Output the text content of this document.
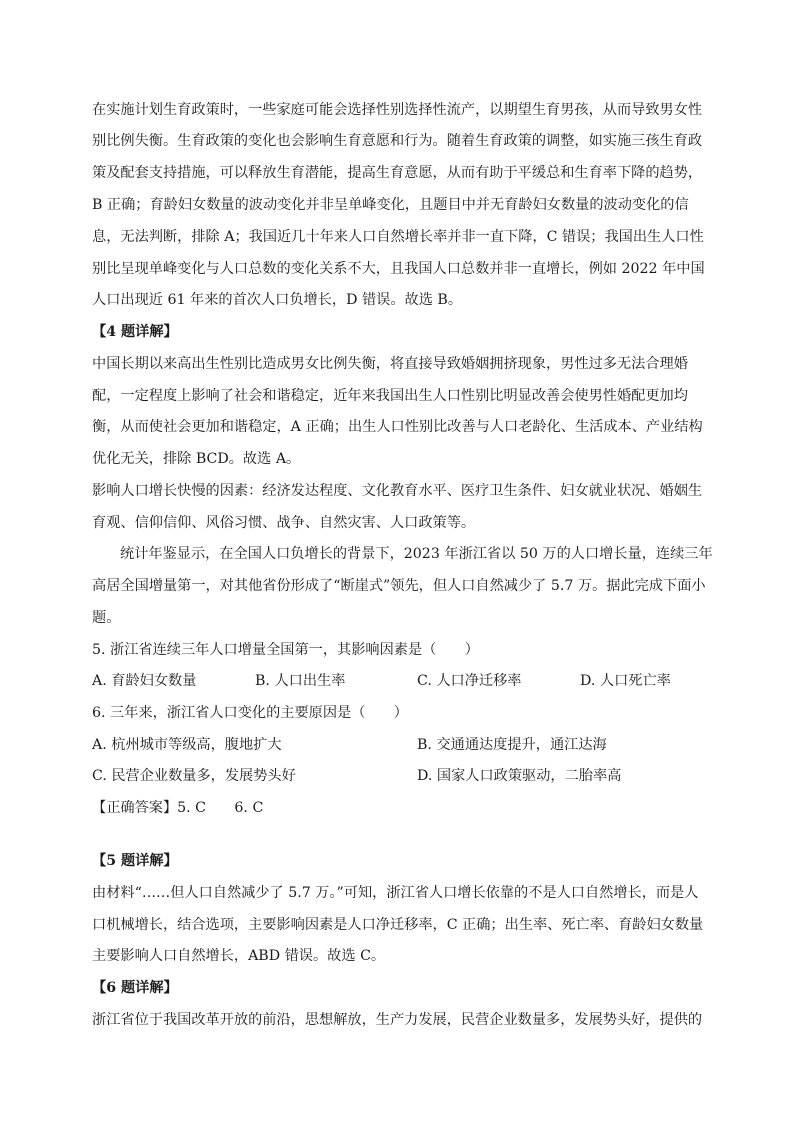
在实施计划生育政策时，一些家庭可能会选择性别选择性流产，以期望生育男孩，从而导致男女性
别比例失衡。生育政策的变化也会影响生育意愿和行为。随着生育政策的调整，如实施三孩生育政
策及配套支持措施，可以释放生育潜能，提高生育意愿，从而有助于平缓总和生育率下降的趋势，
B 正确；育龄妇女数量的波动变化并非呈单峰变化，且题目中并无育龄妇女数量的波动变化的信
息，无法判断，排除 A；我国近几十年来人口自然增长率并非一直下降，C 错误；我国出生人口性
别比呈现单峰变化与人口总数的变化关系不大，且我国人口总数并非一直增长，例如 2022 年中国
人口出现近 61 年来的首次人口负增长，D 错误。故选 B。
【4 题详解】
中国长期以来高出生性别比造成男女比例失衡，将直接导致婚姻拥挤现象，男性过多无法合理婚
配，一定程度上影响了社会和谐稳定，近年来我国出生人口性别比明显改善会使男性婚配更加均
衡，从而使社会更加和谐稳定，A 正确；出生人口性别比改善与人口老龄化、生活成本、产业结构
优化无关，排除 BCD。故选 A。
影响人口增长快慢的因素：经济发达程度、文化教育水平、医疗卫生条件、妇女就业状况、婚姻生
育观、信仰信仰、风俗习惯、战争、自然灾害、人口政策等。
统计年鉴显示，在全国人口负增长的背景下，2023 年浙江省以 50 万的人口增长量，连续三年
高居全国增量第一，对其他省份形成了“断崖式”领先，但人口自然减少了 5.7 万。据此完成下面小
题。
5. 浙江省连续三年人口增量全国第一，其影响因素是（　　）
A. 育龄妇女数量	B. 人口出生率	C. 人口净迁移率	D. 人口死亡率
6. 三年来，浙江省人口变化的主要原因是（　　）
A. 杭州城市等级高，腹地扩大	B. 交通通达度提升，通江达海
C. 民营企业数量多，发展势头好	D. 国家人口政策驱动，二胎率高
【正确答案】5. C　　6. C
【5 题详解】
由材料“……但人口自然减少了 5.7 万。”可知，浙江省人口增长依靠的不是人口自然增长，而是人
口机械增长，结合选项，主要影响因素是人口净迁移率，C 正确；出生率、死亡率、育龄妇女数量
主要影响人口自然增长，ABD 错误。故选 C。
【6 题详解】
浙江省位于我国改革开放的前沿，思想解放，生产力发展，民营企业数量多，发展势头好，提供的
